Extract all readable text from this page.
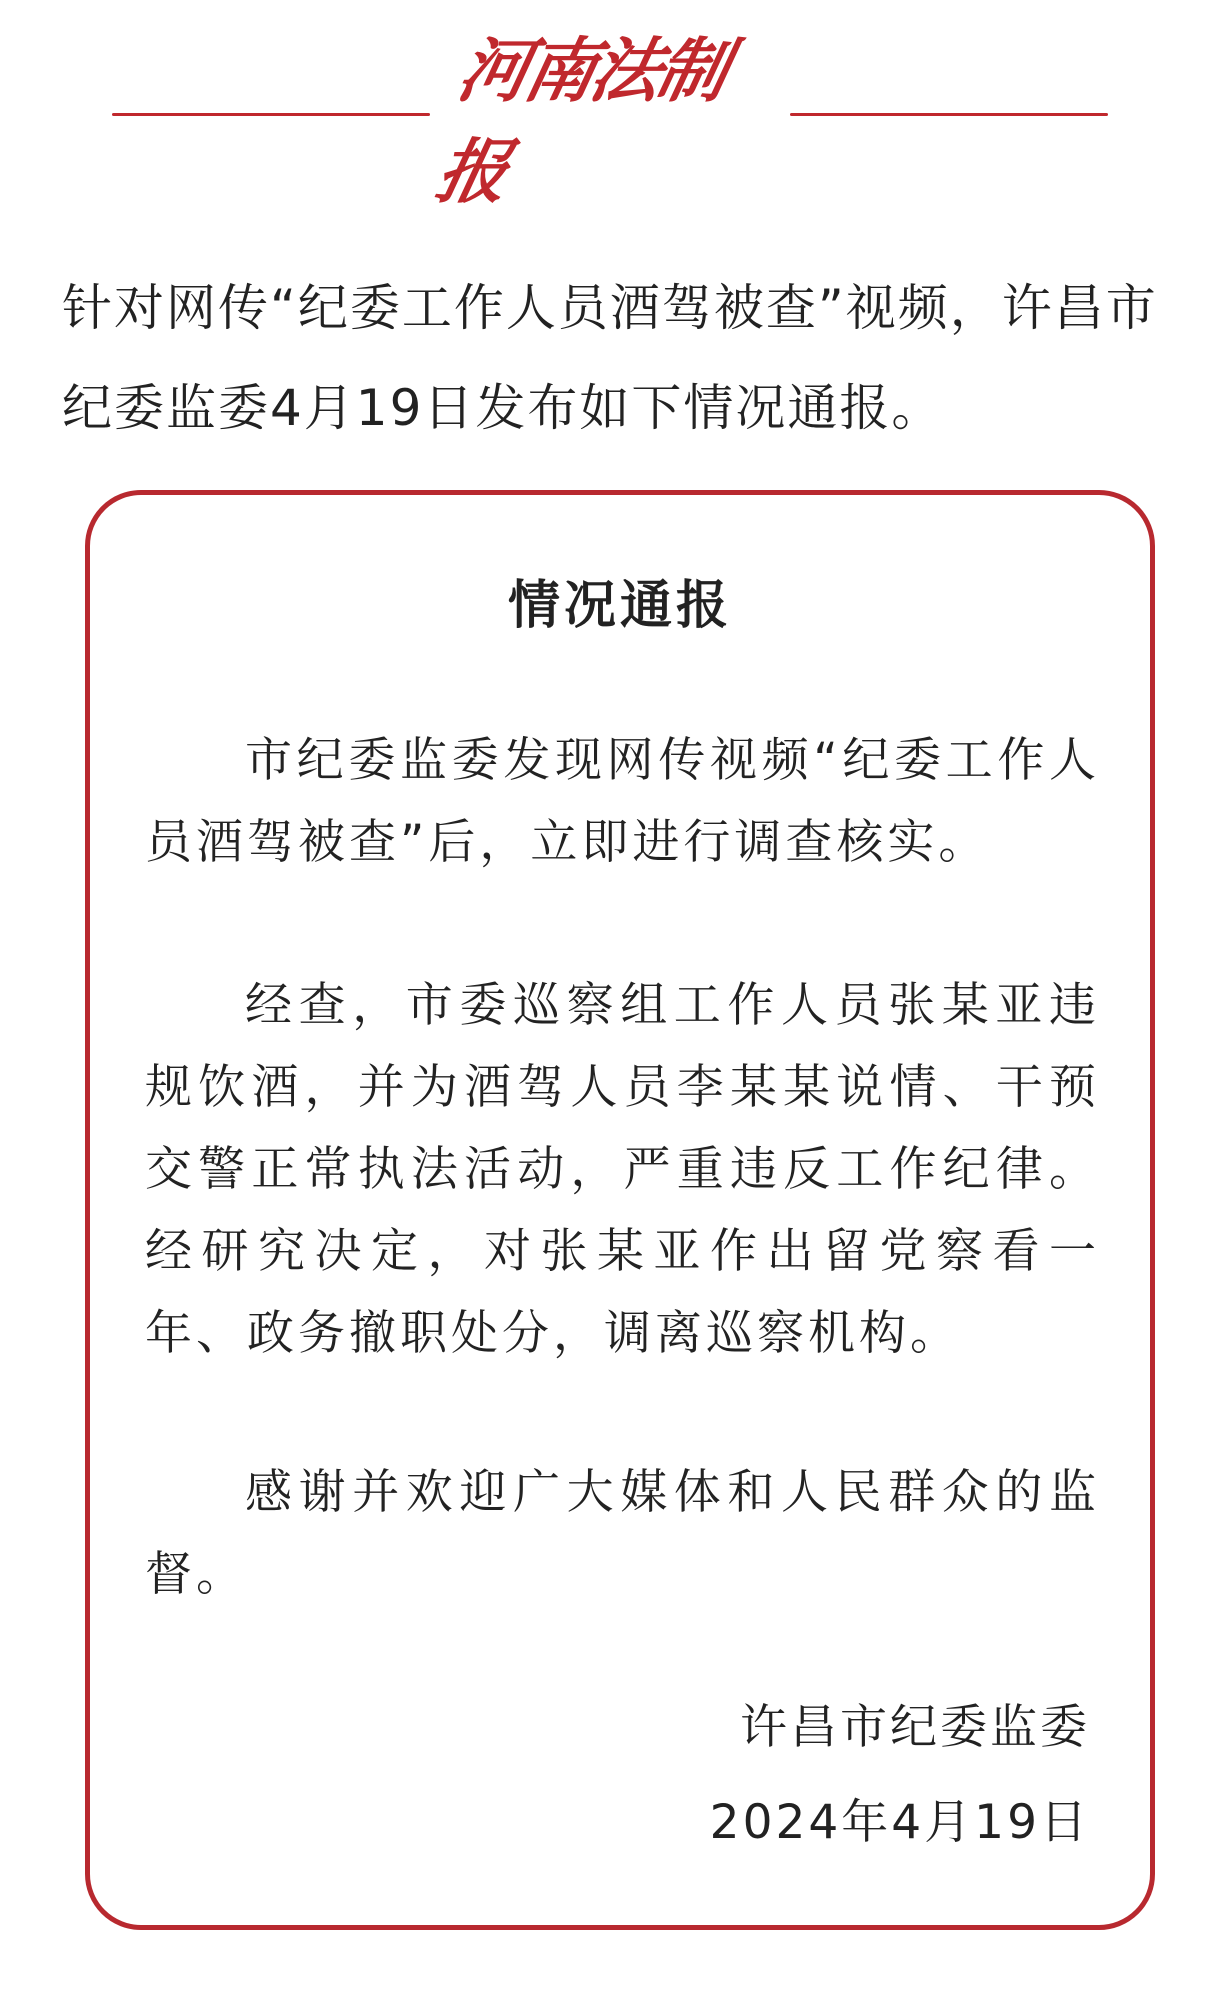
河南法制报

针对网传“纪委工作人员酒驾被查”视频，许昌市纪委监委4月19日发布如下情况通报。

情况通报

市纪委监委发现网传视频“纪委工作人员酒驾被查”后，立即进行调查核实。

经查，市委巡察组工作人员张某亚违规饮酒，并为酒驾人员李某某说情、干预交警正常执法活动，严重违反工作纪律。经研究决定，对张某亚作出留党察看一年、政务撤职处分，调离巡察机构。

感谢并欢迎广大媒体和人民群众的监督。

许昌市纪委监委
2024年4月19日
